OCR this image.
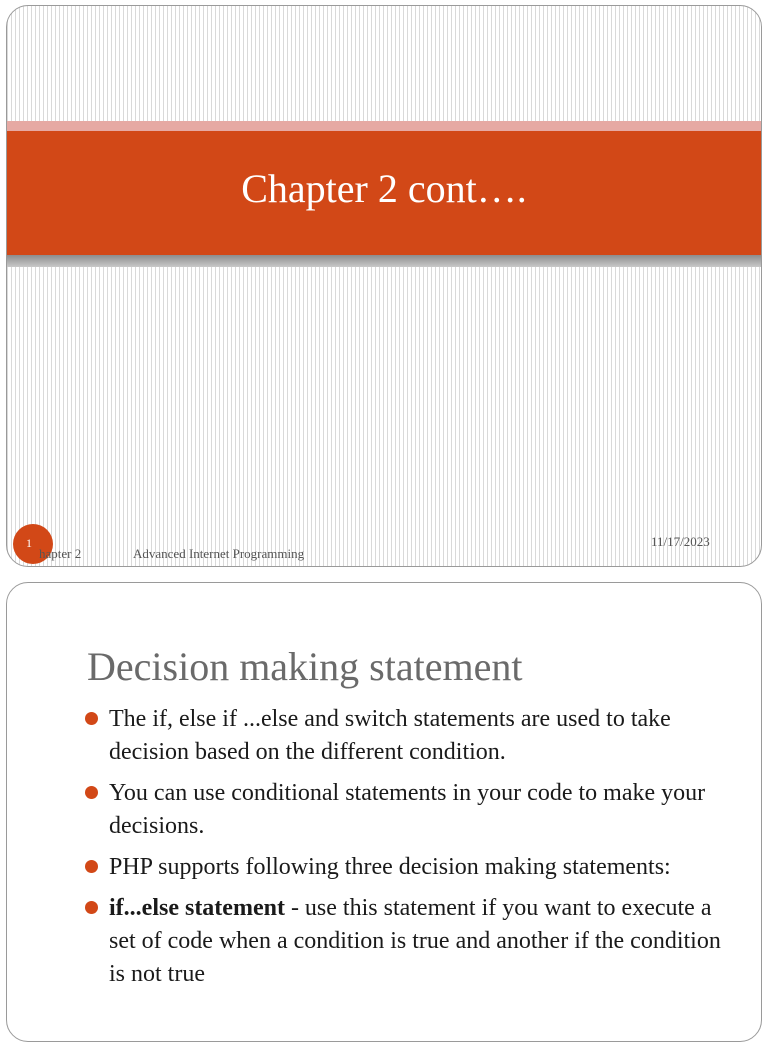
Chapter 2 cont….
1
hapter 2	Advanced Internet Programming
11/17/2023
Decision making statement
The if, else if ...else and switch statements are used to take decision based on the different condition.
You can use conditional statements in your code to make your decisions.
PHP supports following three decision making statements:
if...else statement - use this statement if you want to execute a set of code when a condition is true and another if the condition is not true
